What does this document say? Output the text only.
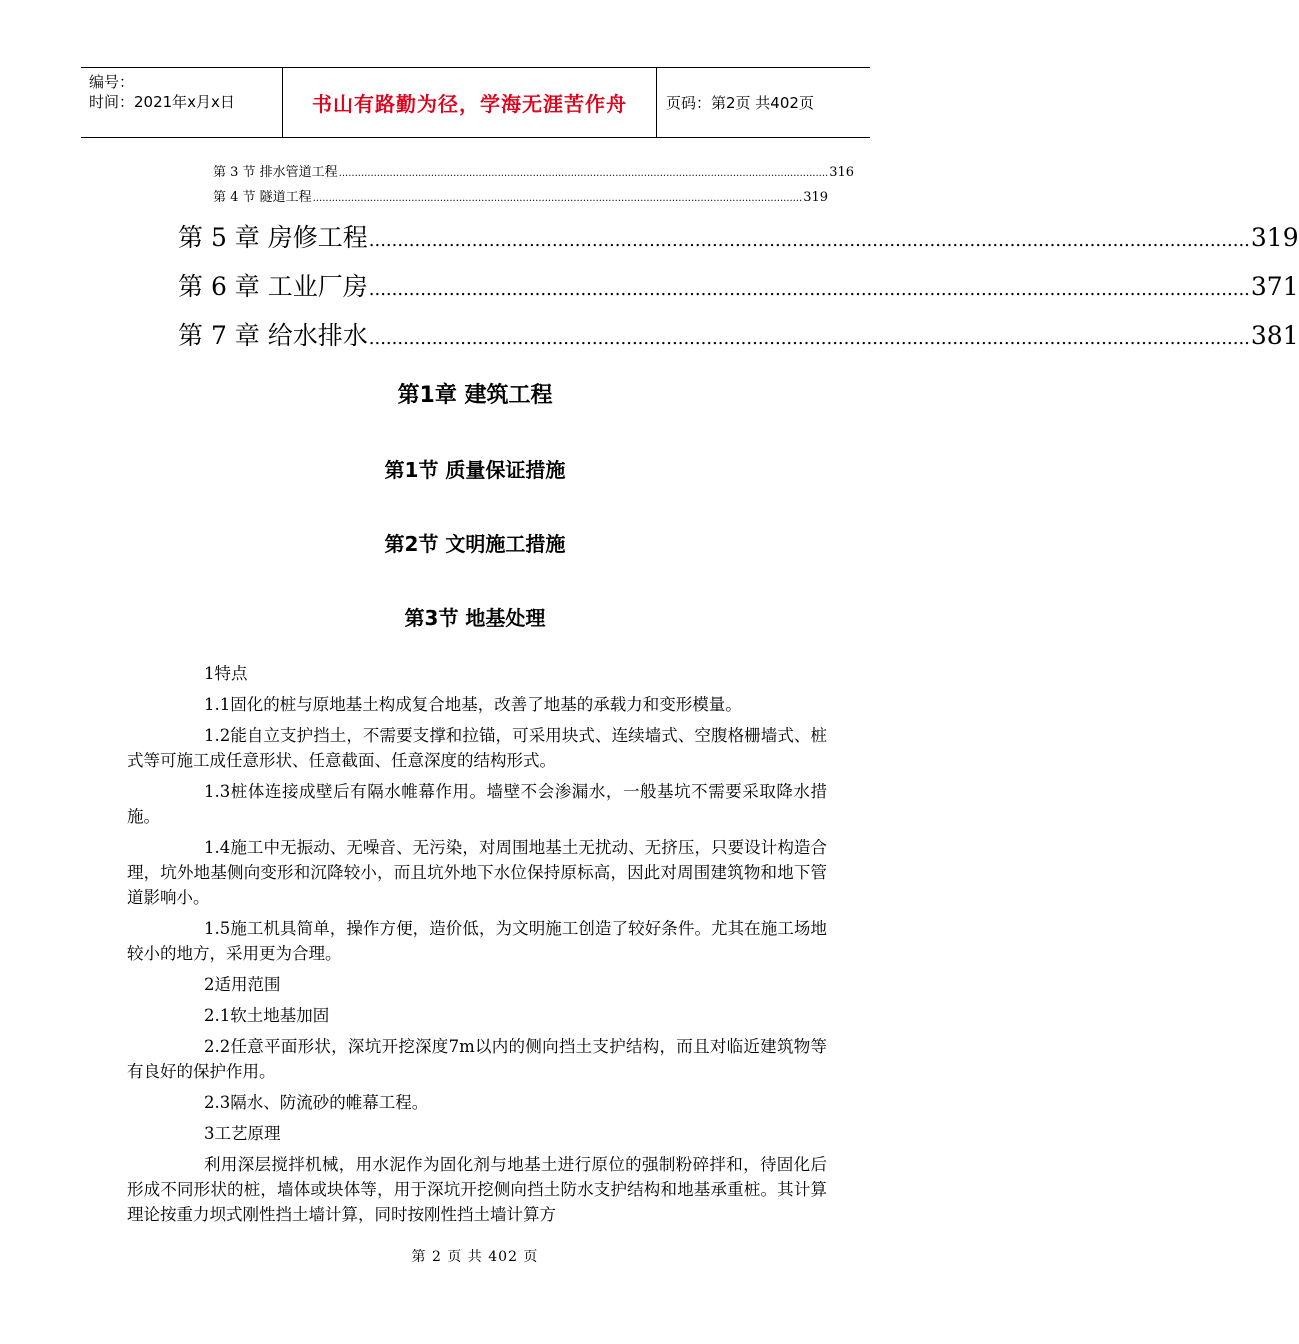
编号：
时间：2021年x月x日	书山有路勤为径，学海无涯苦作舟	页码：第2页 共402页
第 3 节 排水管道工程 .......................................................................................................................................................... 316
第 4 节 隧道工程 .......................................................................................................................................................... 319
第 5 章 房修工程 .......................................................................................................................................................... 319
第 6 章 工业厂房 .......................................................................................................................................................... 371
第 7 章 给水排水 .......................................................................................................................................................... 381
第1章 建筑工程
第1节 质量保证措施
第2节 文明施工措施
第3节 地基处理

1特点

1.1固化的桩与原地基土构成复合地基，改善了地基的承载力和变形模量。

1.2能自立支护挡土，不需要支撑和拉锚，可采用块式、连续墙式、空腹格栅墙式、桩式等可施工成任意形状、任意截面、任意深度的结构形式。

1.3桩体连接成壁后有隔水帷幕作用。墙壁不会渗漏水，一般基坑不需要采取降水措施。

1.4施工中无振动、无噪音、无污染，对周围地基土无扰动、无挤压，只要设计构造合理，坑外地基侧向变形和沉降较小，而且坑外地下水位保持原标高，因此对周围建筑物和地下管道影响小。

1.5施工机具简单，操作方便，造价低，为文明施工创造了较好条件。尤其在施工场地较小的地方，采用更为合理。

2适用范围

2.1软土地基加固

2.2任意平面形状，深坑开挖深度7m以内的侧向挡土支护结构，而且对临近建筑物等有良好的保护作用。

2.3隔水、防流砂的帷幕工程。

3工艺原理

利用深层搅拌机械，用水泥作为固化剂与地基土进行原位的强制粉碎拌和，待固化后形成不同形状的桩，墙体或块体等，用于深坑开挖侧向挡土防水支护结构和地基承重桩。其计算理论按重力坝式刚性挡土墙计算，同时按刚性挡土墙计算方

第 2 页 共 402 页
